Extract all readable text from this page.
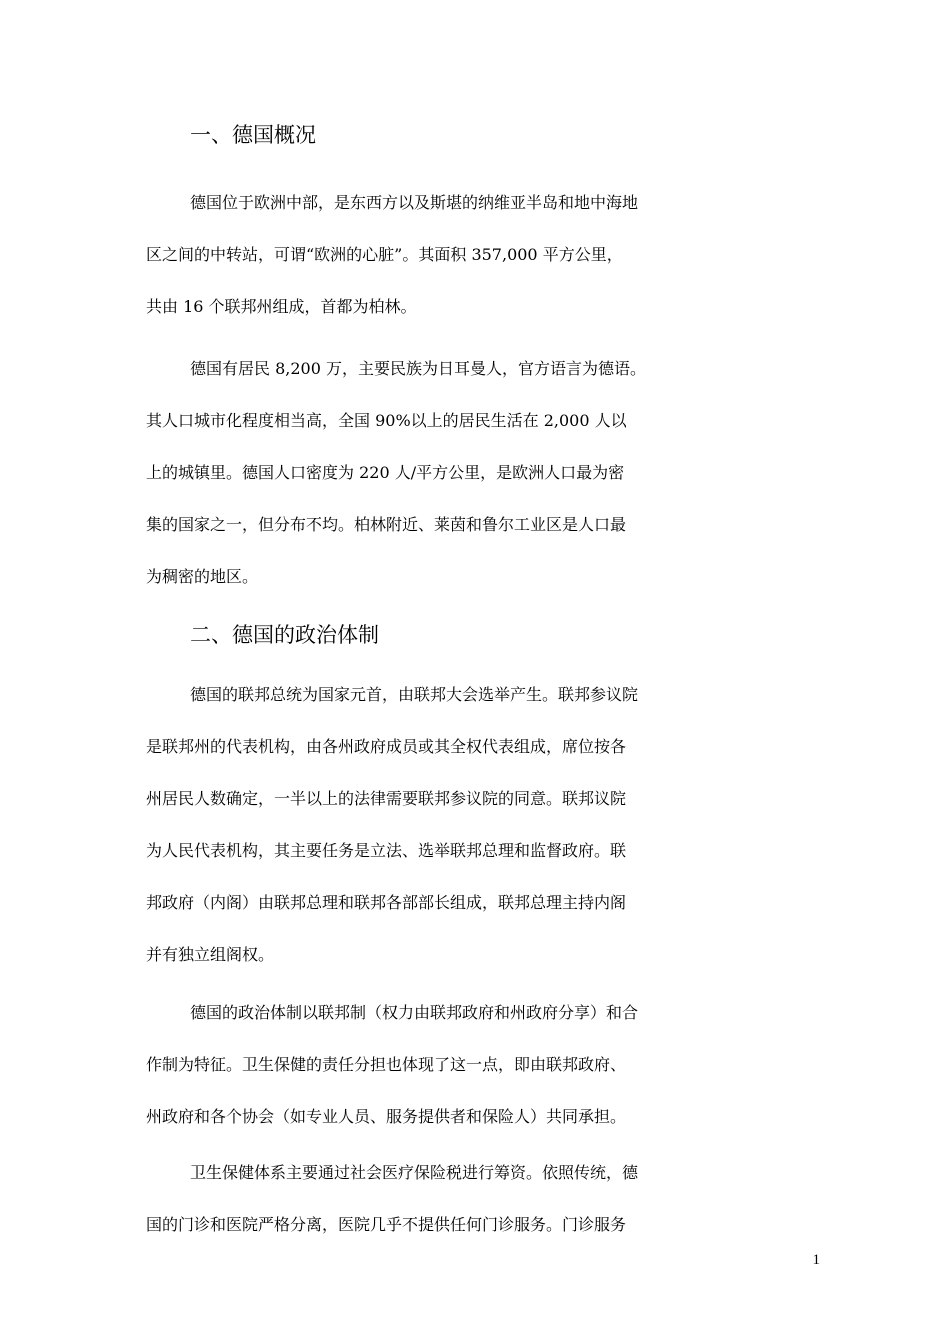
一、德国概况

德国位于欧洲中部，是东西方以及斯堪的纳维亚半岛和地中海地
区之间的中转站，可谓“欧洲的心脏”。其面积 357,000 平方公里，
共由 16 个联邦州组成，首都为柏林。
德国有居民 8,200 万，主要民族为日耳曼人，官方语言为德语。
其人口城市化程度相当高，全国 90%以上的居民生活在 2,000 人以
上的城镇里。德国人口密度为 220 人/平方公里，是欧洲人口最为密
集的国家之一，但分布不均。柏林附近、莱茵和鲁尔工业区是人口最
为稠密的地区。

二、德国的政治体制

德国的联邦总统为国家元首，由联邦大会选举产生。联邦参议院
是联邦州的代表机构，由各州政府成员或其全权代表组成，席位按各
州居民人数确定，一半以上的法律需要联邦参议院的同意。联邦议院
为人民代表机构，其主要任务是立法、选举联邦总理和监督政府。联
邦政府（内阁）由联邦总理和联邦各部部长组成，联邦总理主持内阁
并有独立组阁权。
德国的政治体制以联邦制（权力由联邦政府和州政府分享）和合
作制为特征。卫生保健的责任分担也体现了这一点，即由联邦政府、
州政府和各个协会（如专业人员、服务提供者和保险人）共同承担。
卫生保健体系主要通过社会医疗保险税进行筹资。依照传统，德
国的门诊和医院严格分离，医院几乎不提供任何门诊服务。门诊服务
1
